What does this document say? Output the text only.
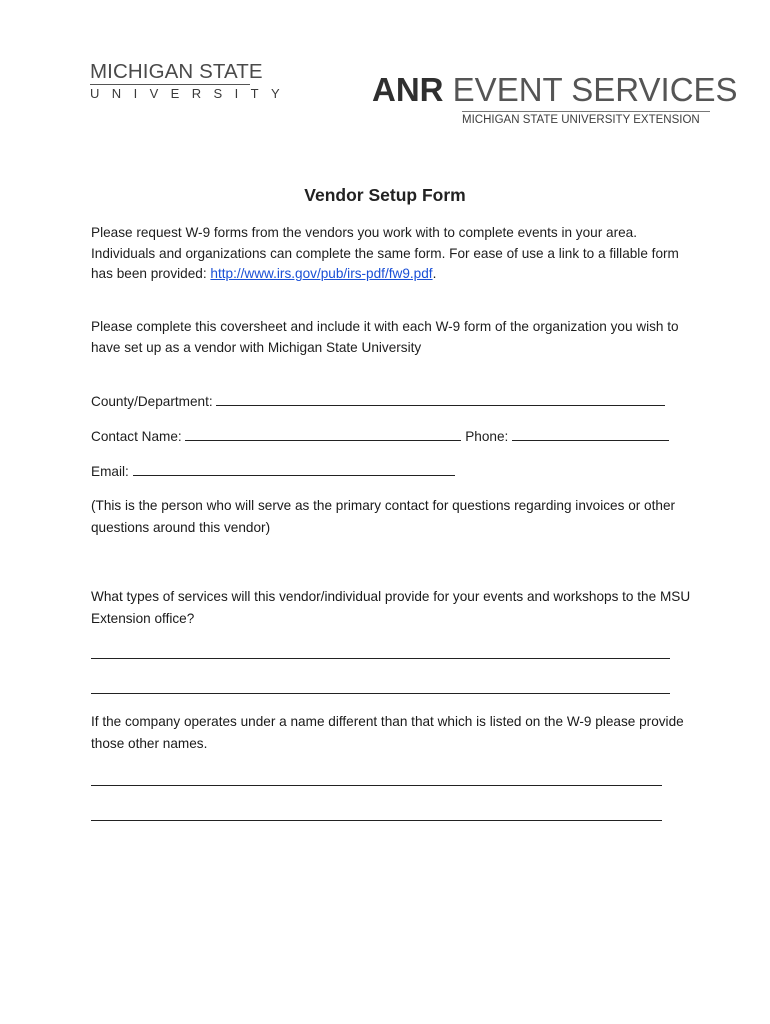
MICHIGAN STATE
UNIVERSITY ANR EVENT SERVICES
MICHIGAN STATE UNIVERSITY EXTENSION
Vendor Setup Form
Please request W-9 forms from the vendors you work with to complete events in your area. Individuals and organizations can complete the same form. For ease of use a link to a fillable form has been provided: http://www.irs.gov/pub/irs-pdf/fw9.pdf.
Please complete this coversheet and include it with each W-9 form of the organization you wish to have set up as a vendor with Michigan State University
County/Department:
Contact Name:	Phone:
Email:
(This is the person who will serve as the primary contact for questions regarding invoices or other questions around this vendor)
What types of services will this vendor/individual provide for your events and workshops to the MSU Extension office?
If the company operates under a name different than that which is listed on the W-9 please provide those other names.
